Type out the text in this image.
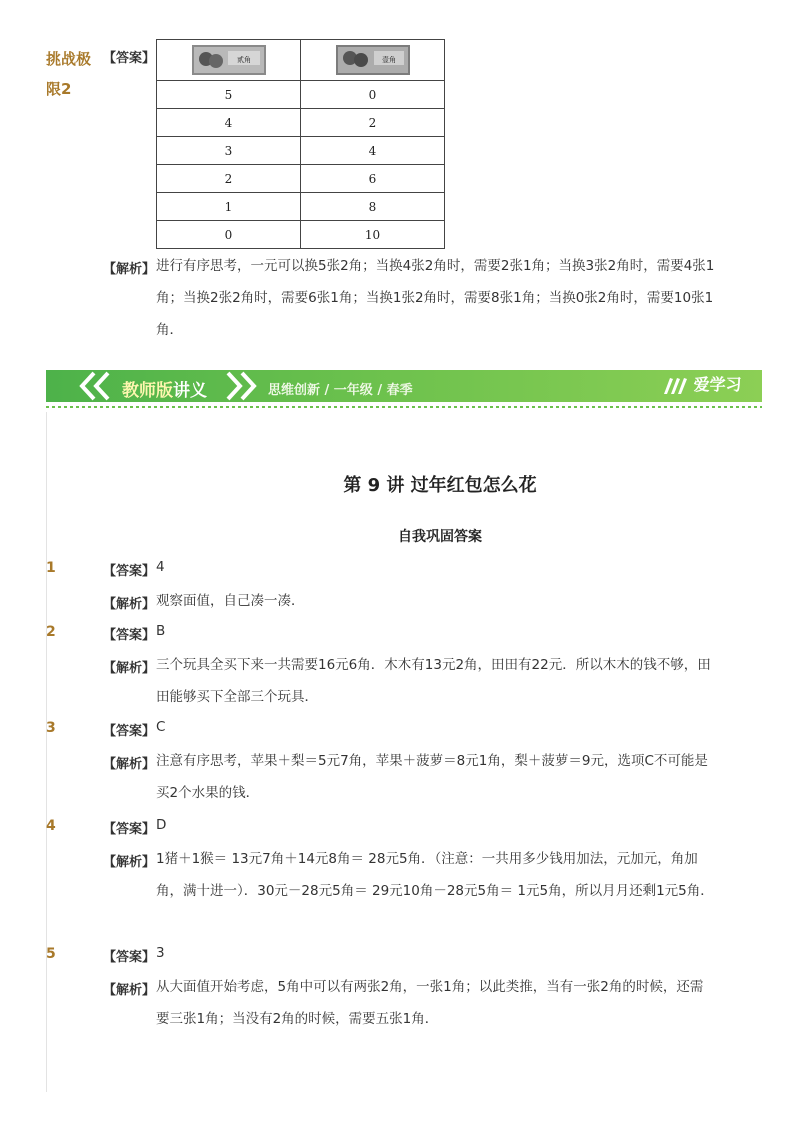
挑战极限2
【答案】	贰角	壹角

5	0
4	2
3	4
2	6
1	8
0	10
【解析】 进行有序思考，一元可以换5张2角；当换4张2角时，需要2张1角；当换3张2角时，需要4张1角；当换2张2角时，需要6张1角；当换1张2角时，需要8张1角；当换0张2角时，需要10张1角．
教师版讲义	思维创新 / 一年级 / 春季	爱学习
第 9 讲 过年红包怎么花
自我巩固答案
1	【答案】 4
【解析】 观察面值，自己凑一凑．
2	【答案】 B
【解析】 三个玩具全买下来一共需要16元6角．木木有13元2角，田田有22元．所以木木的钱不够，田田能够买下全部三个玩具．
3	【答案】 C
【解析】 注意有序思考，苹果＋梨＝5元7角，苹果＋菠萝＝8元1角，梨＋菠萝＝9元，选项C不可能是买2个水果的钱．
4	【答案】 D
【解析】 1猪＋1猴＝ 13元7角＋14元8角＝ 28元5角．（注意：一共用多少钱用加法，元加元，角加角，满十进一）．30元－28元5角＝ 29元10角－28元5角＝ 1元5角，所以月月还剩1元5角．
5	【答案】 3
【解析】 从大面值开始考虑，5角中可以有两张2角，一张1角；以此类推，当有一张2角的时候，还需要三张1角；当没有2角的时候，需要五张1角．
